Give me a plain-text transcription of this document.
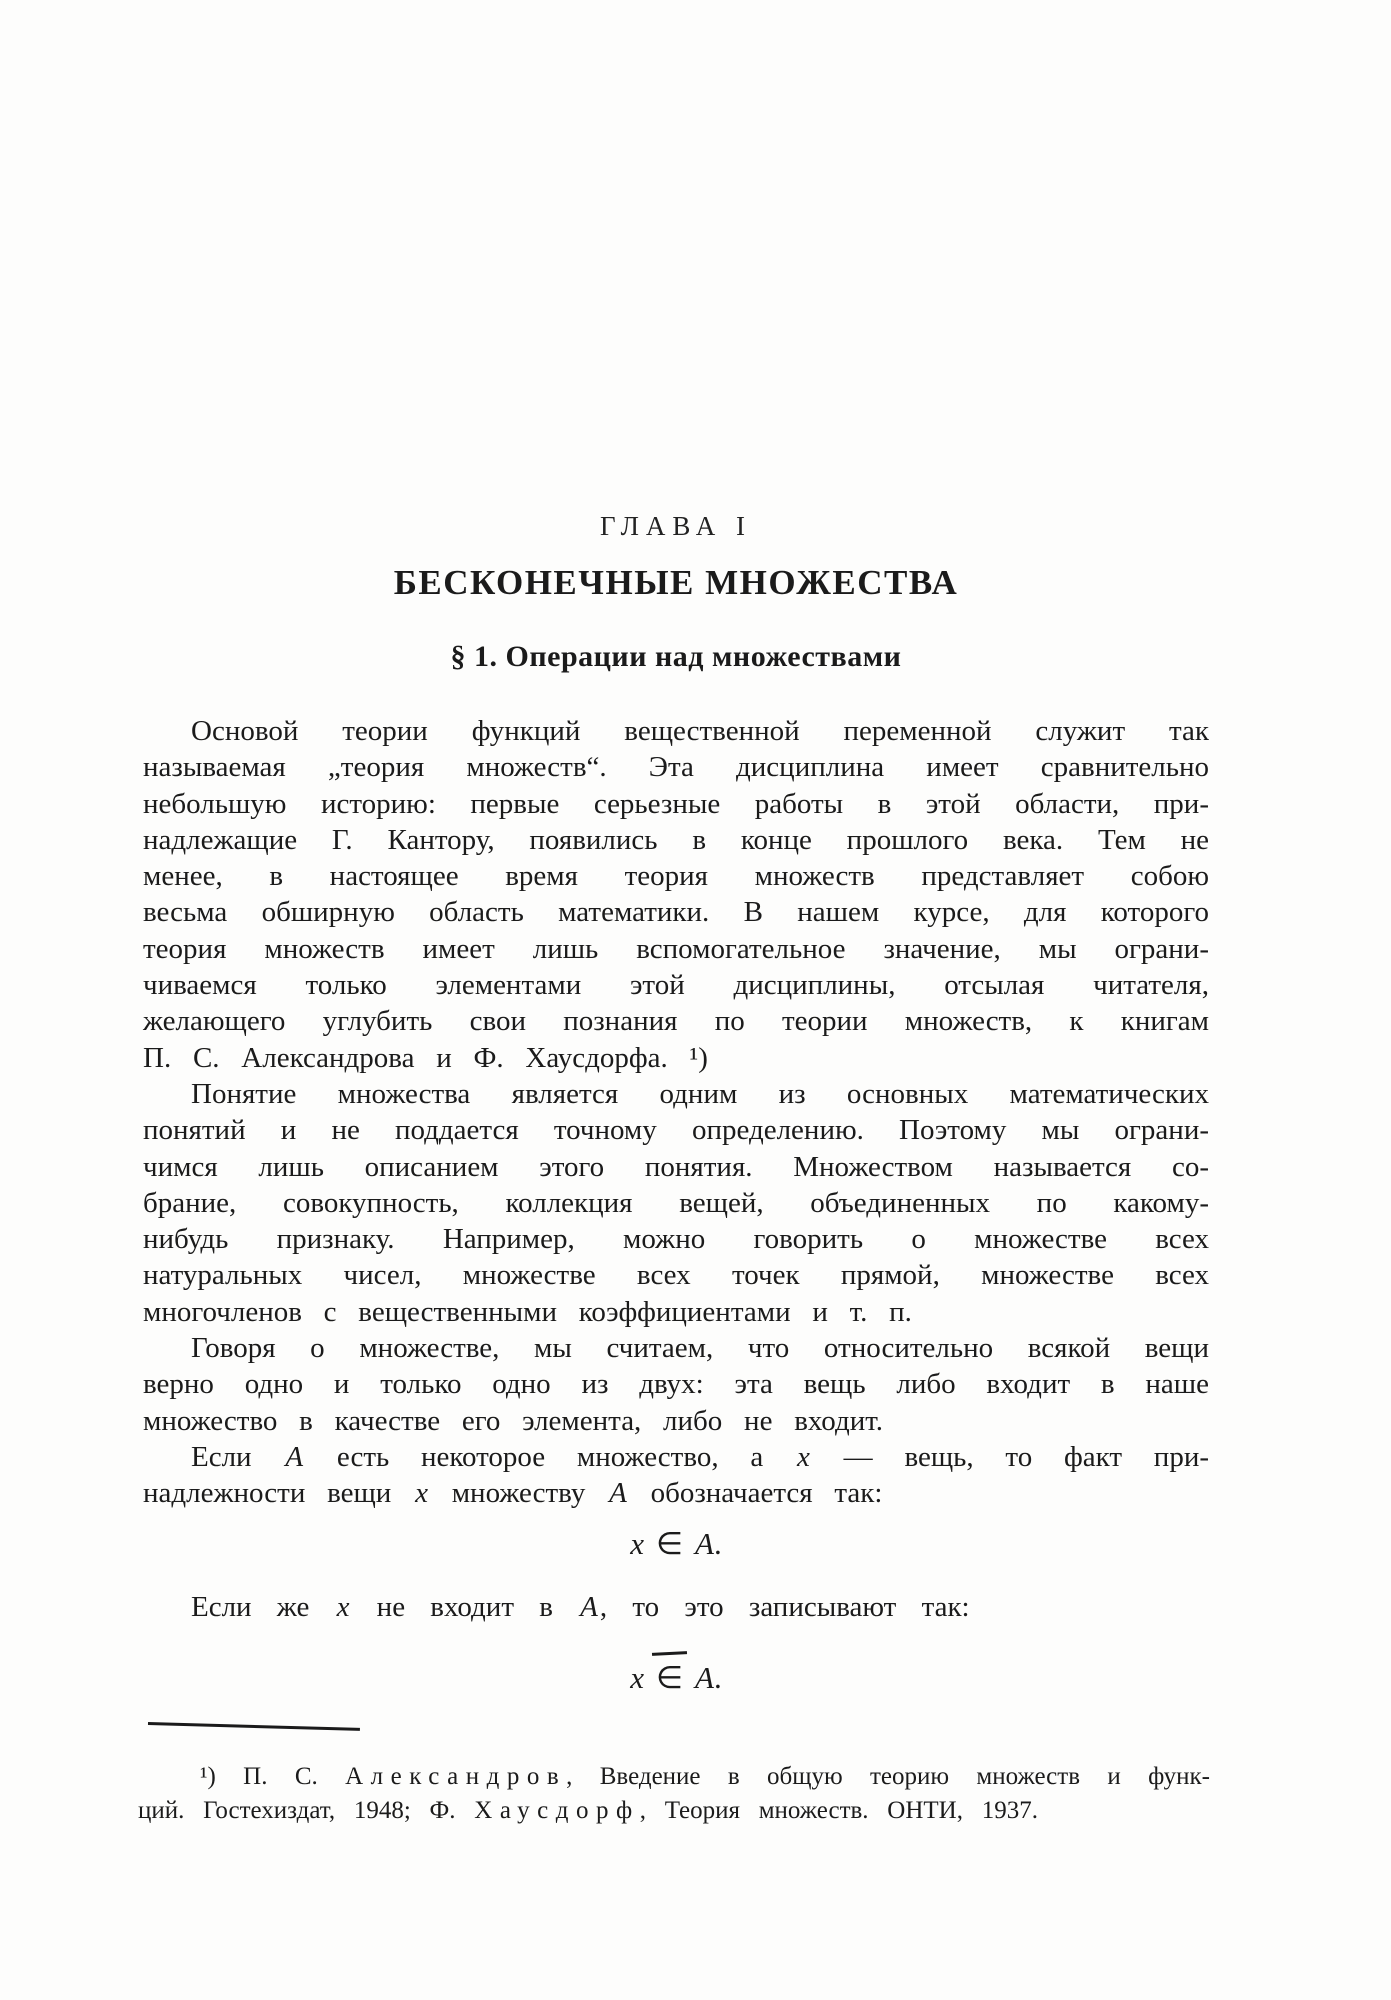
ГЛАВА I
БЕСКОНЕЧНЫЕ МНОЖЕСТВА
§ 1. Операции над множествами
Основой теории функций вещественной переменной служит так
называемая „теория множеств“. Эта дисциплина имеет сравнительно
небольшую историю: первые серьезные работы в этой области, при-
надлежащие Г. Кантору, появились в конце прошлого века. Тем не
менее, в настоящее время теория множеств представляет собою
весьма обширную область математики. В нашем курсе, для которого
теория множеств имеет лишь вспомогательное значение, мы ограни-
чиваемся только элементами этой дисциплины, отсылая читателя,
желающего углубить свои познания по теории множеств, к книгам
П. С. Александрова и Ф. Хаусдорфа. ¹)
Понятие множества является одним из основных математических
понятий и не поддается точному определению. Поэтому мы ограни-
чимся лишь описанием этого понятия. Множеством называется со-
брание, совокупность, коллекция вещей, объединенных по какому-
нибудь признаку. Например, можно говорить о множестве всех
натуральных чисел, множестве всех точек прямой, множестве всех
многочленов с вещественными коэффициентами и т. п.
Говоря о множестве, мы считаем, что относительно всякой вещи
верно одно и только одно из двух: эта вещь либо входит в наше
множество в качестве его элемента, либо не входит.
Если A есть некоторое множество, а x — вещь, то факт при-
надлежности вещи x множеству A обозначается так:
x ∈ A.
Если же x не входит в A, то это записывают так:
x ∈ A.
¹) П. С. Александров, Введение в общую теорию множеств и функ-
ций. Гостехиздат, 1948; Ф. Хаусдорф, Теория множеств. ОНТИ, 1937.
